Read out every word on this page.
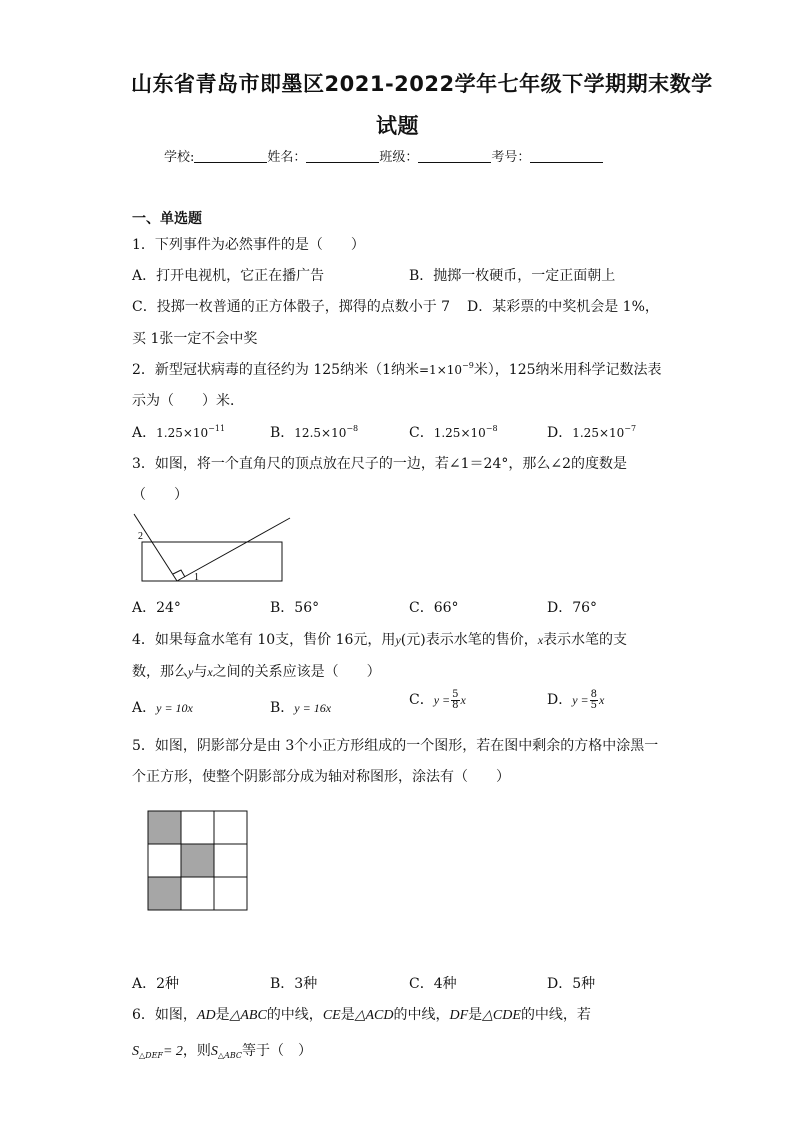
山东省青岛市即墨区2021-2022学年七年级下学期期末数学
试题
学校:	姓名：	班级：	考号：
一、单选题
1．下列事件为必然事件的是（　　）
A．打开电视机，它正在播广告	B．抛掷一枚硬币，一定正面朝上
C．投掷一枚普通的正方体骰子，掷得的点数小于 7 D．某彩票的中奖机会是 1%，
买 1张一定不会中奖
2．新型冠状病毒的直径约为 125纳米（1纳米$=1\times 10^{-9}$米），125纳米用科学记数法表
示为（　　）米．
A．$1.25\times 10^{-11}$	B．$12.5\times 10^{-8}$	C．$1.25\times 10^{-8}$	D．$1.25\times 10^{-7}$
3．如图，将一个直角尺的顶点放在尺子的一边，若∠1＝24°，那么∠2的度数是
（　　）
1
2
A．24°	B．56°	C．66°	D．76°
4．如果每盒水笔有 10支，售价 16元，用y(元)表示水笔的售价，x表示水笔的支
数，那么y与x之间的关系应该是（　　）
A．y = 10x	B．y = 16x	C．$y = \frac{5}{8}$ x	D．$y = \frac{8}{5}$ x
5．如图，阴影部分是由 3个小正方形组成的一个图形，若在图中剩余的方格中涂黑一
个正方形，使整个阴影部分成为轴对称图形，涂法有（　　）
A．2种	B．3种	C．4种	D．5种
6．如图，AD是△ABC的中线，CE是△ACD的中线，DF是△CDE的中线，若
$S_{\triangle DEF}= 2$，则$S_{\triangle ABC}$等于（　）
